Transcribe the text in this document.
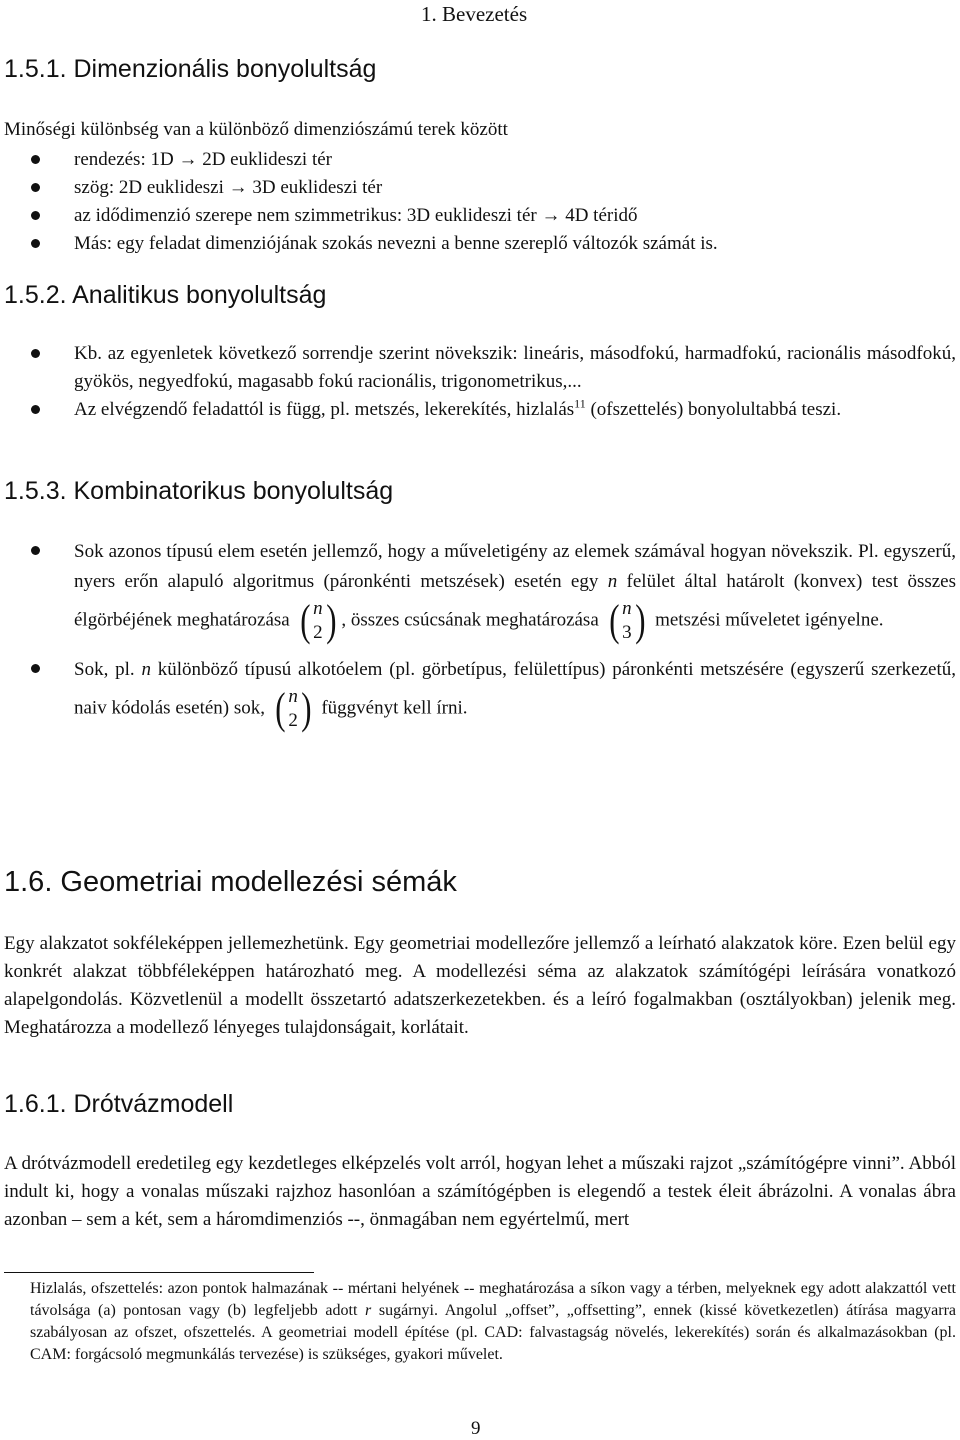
1. Bevezetés
1.5.1. Dimenzionális bonyolultság

Minőségi különbség van a különböző dimenziószámú terek között

rendezés: 1D → 2D euklideszi tér
szög: 2D euklideszi → 3D euklideszi tér
az idődimenzió szerepe nem szimmetrikus: 3D euklideszi tér → 4D téridő
Más: egy feladat dimenziójának szokás nevezni a benne szereplő változók számát is.
1.5.2. Analitikus bonyolultság
Kb. az egyenletek következő sorrendje szerint növekszik: lineáris, másodfokú, harmadfokú, racionális másodfokú, gyökös, negyedfokú, magasabb fokú racionális, trigonometrikus,...
Az elvégzendő feladattól is függ, pl. metszés, lekerekítés, hizlalás$^{11}$ (ofszettelés) bonyolultabbá teszi.
1.5.3. Kombinatorikus bonyolultság
Sok azonos típusú elem esetén jellemző, hogy a műveletigény az elemek számával hogyan növekszik. Pl. egyszerű, nyers erőn alapuló algoritmus (páronkénti metszések) esetén egy n felület által határolt (konvex) test összes élgörbéjének meghatározása ( n
2 ) , összes csúcsának meghatározása ( n
3 ) metszési műveletet igényelne.
Sok, pl. n különböző típusú alkotóelem (pl. görbetípus, felülettípus) páronkénti metszésére (egyszerű szerkezetű, naiv kódolás esetén) sok, ( n
2 ) függvényt kell írni.
1.6. Geometriai modellezési sémák

Egy alakzatot sokféleképpen jellemezhetünk. Egy geometriai modellezőre jellemző a leírható alakzatok köre. Ezen belül egy konkrét alakzat többféleképpen határozható meg. A modellezési séma az alakzatok számítógépi leírására vonatkozó alapelgondolás. Közvetlenül a modellt összetartó adatszerkezetekben. és a leíró fogalmakban (osztályokban) jelenik meg. Meghatározza a modellező lényeges tulajdonságait, korlátait.

1.6.1. Drótvázmodell

A drótvázmodell eredetileg egy kezdetleges elképzelés volt arról, hogyan lehet a műszaki rajzot „számítógépre vinni”. Abból indult ki, hogy a vonalas műszaki rajzhoz hasonlóan a számítógépben is elegendő a testek éleit ábrázolni. A vonalas ábra azonban – sem a két, sem a háromdimenziós --, önmagában nem egyértelmű, mert

Hizlalás, ofszettelés: azon pontok halmazának -- mértani helyének -- meghatározása a síkon vagy a térben, melyeknek egy adott alakzattól vett távolsága (a) pontosan vagy (b) legfeljebb adott r sugárnyi. Angolul „offset”, „offsetting”, ennek (kissé következetlen) átírása magyarra szabályosan az ofszet, ofszettelés. A geometriai modell építése (pl. CAD: falvastagság növelés, lekerekítés) során és alkalmazásokban (pl. CAM: forgácsoló megmunkálás tervezése) is szükséges, gyakori művelet.
9
